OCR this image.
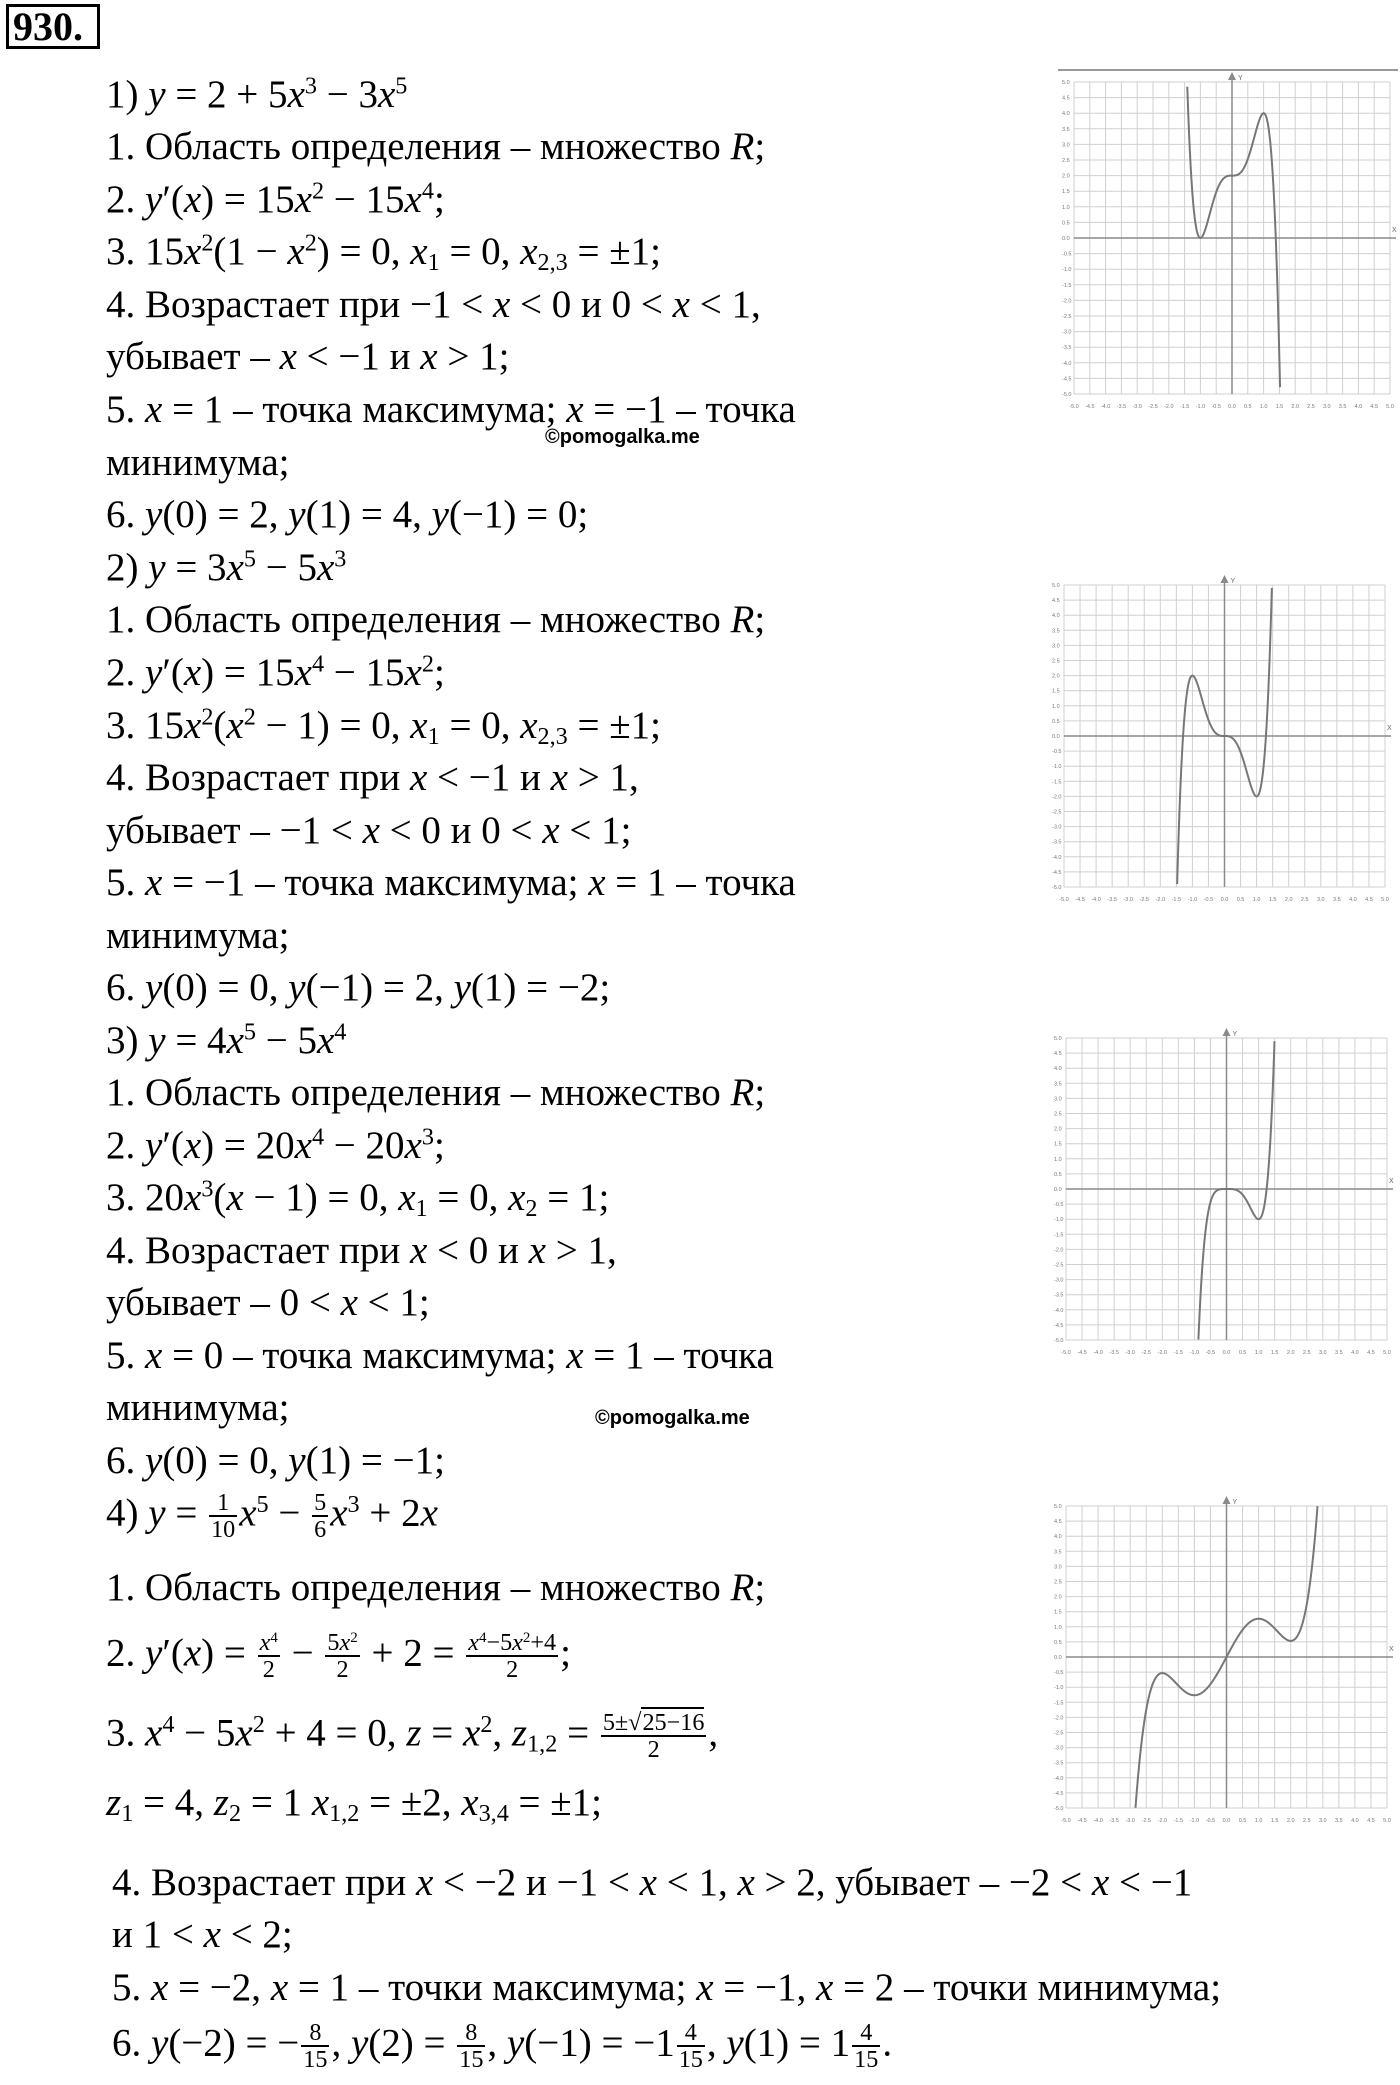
930.
1) $y = 2 + 5x^3 - 3x^5$
1. Область определения – множество R;
2. $y'(x) = 15x^2 - 15x^4$;
3. $15x^2(1 - x^2) = 0$, $x_1 = 0$, $x_{2,3} = \pm 1$;
4. Возрастает при −1 < x < 0 и 0 < x < 1,
убывает – x < −1 и x > 1;
5. x = 1 – точка максимума; x = −1 – точка
©pomogalka.me
минимума;
6. y(0) = 2, y(1) = 4, y(−1) = 0;
2) $y = 3x^5 - 5x^3$
1. Область определения – множество R;
2. $y'(x) = 15x^4 - 15x^2$;
3. $15x^2(x^2 - 1) = 0$, $x_1 = 0$, $x_{2,3} = \pm 1$;
4. Возрастает при x < −1 и x > 1,
убывает – −1 < x < 0 и 0 < x < 1;
5. x = −1 – точка максимума; x = 1 – точка
минимума;
6. y(0) = 0, y(−1) = 2, y(1) = −2;
3) $y = 4x^5 - 5x^4$
1. Область определения – множество R;
2. $y'(x) = 20x^4 - 20x^3$;
3. $20x^3(x - 1) = 0$, $x_1 = 0$, $x_2 = 1$;
4. Возрастает при x < 0 и x > 1,
убывает – 0 < x < 1;
5. x = 0 – точка максимума; x = 1 – точка
минимума;	©pomogalka.me
6. y(0) = 0, y(1) = −1;
4) $y = \frac{1}{10} x^5 - \frac{5}{6} x^3 + 2x$
1. Область определения – множество R;
2. $y'(x) = \frac{x^4}{2} - \frac{5x^2}{2} + 2 = \frac{x^4-5x^2+4}{2}$ ;
3. $x^4 - 5x^2 + 4 = 0$, $z = x^2$, $z_{1,2} = \frac{5\pm√25-16}{2}$ ,
$z_1 = 4$, $z_2 = 1$ $x_{1,2} = \pm 2$, $x_{3,4} = \pm 1$;
4. Возрастает при x < −2 и −1 < x < 1, x > 2, убывает – −2 < x < −1
и 1 < x < 2;
5. x = −2, x = 1 – точки максимума; x = −1, x = 2 – точки минимума;
6. y(−2) = − $\frac{8}{15}$ , $y(2) = \frac{8}{15}$ , $y(-1) = -1 \frac{4}{15}$ , $y(1) = 1 \frac{4}{15}$ .
X
Y
-5.0 -4.5 -4.0 -3.5 -3.0 -2.5 -2.0 -1.5 -1.0 -0.5 0.0 0.5 1.0 1.5 2.0 2.5 3.0 3.5 4.0 4.5 5.0
-5.0
-4.5
-4.0
-3.5
-3.0
-2.5
-2.0
-1.5
-1.0
-0.5
0.0
0.5
1.0
1.5
2.0
2.5
3.0
3.5
4.0
4.5
5.0
X
Y
-5.0 -4.5 -4.0 -3.5 -3.0 -2.5 -2.0 -1.5 -1.0 -0.5 0.0 0.5 1.0 1.5 2.0 2.5 3.0 3.5 4.0 4.5 5.0
-5.0
-4.5
-4.0
-3.5
-3.0
-2.5
-2.0
-1.5
-1.0
-0.5
0.0
0.5
1.0
1.5
2.0
2.5
3.0
3.5
4.0
4.5
5.0
X
Y
-5.0 -4.5 -4.0 -3.5 -3.0 -2.5 -2.0 -1.5 -1.0 -0.5 0.0 0.5 1.0 1.5 2.0 2.5 3.0 3.5 4.0 4.5 5.0
-5.0
-4.5
-4.0
-3.5
-3.0
-2.5
-2.0
-1.5
-1.0
-0.5
0.0
0.5
1.0
1.5
2.0
2.5
3.0
3.5
4.0
4.5
5.0
X
Y
-5.0 -4.5 -4.0 -3.5 -3.0 -2.5 -2.0 -1.5 -1.0 -0.5 0.0 0.5 1.0 1.5 2.0 2.5 3.0 3.5 4.0 4.5 5.0
-5.0
-4.5
-4.0
-3.5
-3.0
-2.5
-2.0
-1.5
-1.0
-0.5
0.0
0.5
1.0
1.5
2.0
2.5
3.0
3.5
4.0
4.5
5.0
